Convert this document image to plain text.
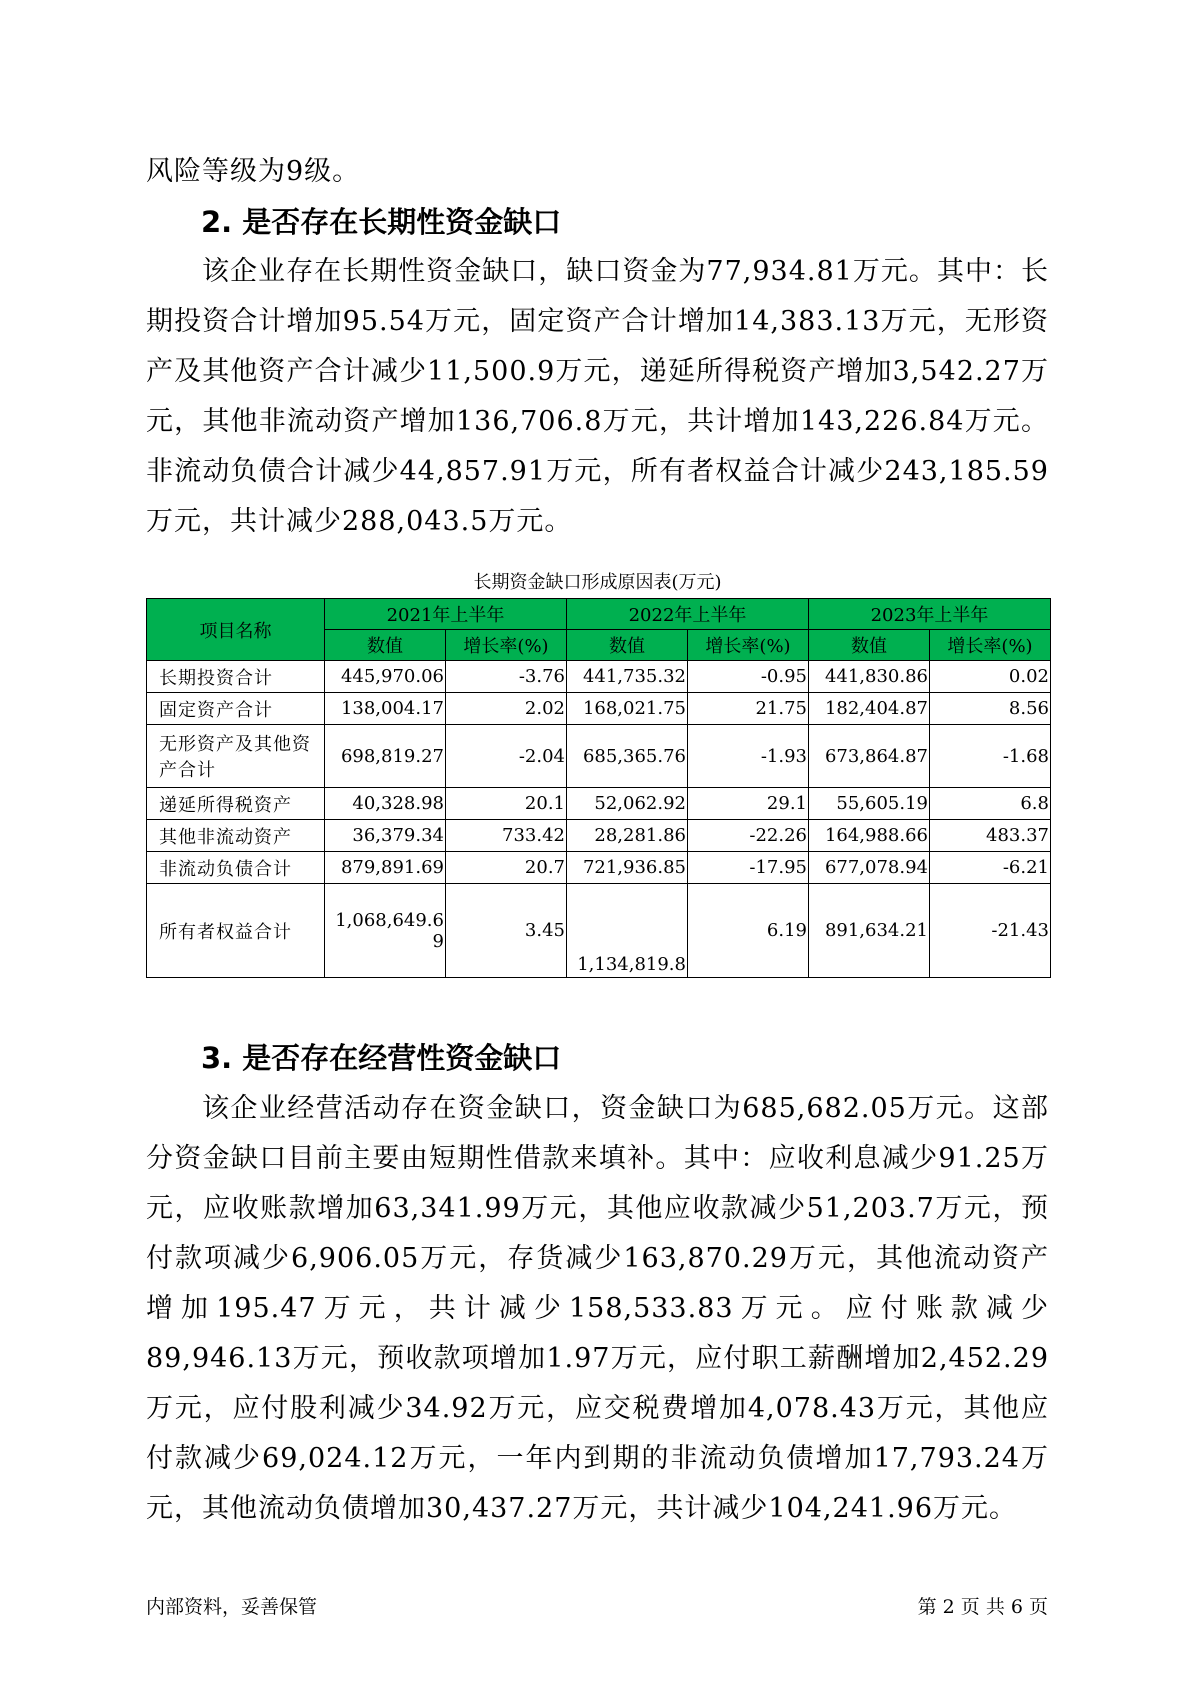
风险等级为9级。

2. 是否存在长期性资金缺口

该企业存在长期性资金缺口，缺口资金为77,934.81万元。其中：长期投资合计增加95.54万元，固定资产合计增加14,383.13万元，无形资产及其他资产合计减少11,500.9万元，递延所得税资产增加3,542.27万元，其他非流动资产增加136,706.8万元，共计增加143,226.84万元。非流动负债合计减少44,857.91万元，所有者权益合计减少243,185.59万元，共计减少288,043.5万元。

长期资金缺口形成原因表(万元)
项目名称	2021年上半年		2022年上半年		2023年上半年	
	数值	增长率(%)	数值	增长率(%)	数值	增长率(%)
长期投资合计	445,970.06	-3.76	441,735.32	-0.95	441,830.86	0.02
固定资产合计	138,004.17	2.02	168,021.75	21.75	182,404.87	8.56
无形资产及其他资产合计	698,819.27	-2.04	685,365.76	-1.93	673,864.87	-1.68
递延所得税资产	40,328.98	20.1	52,062.92	29.1	55,605.19	6.8
其他非流动资产	36,379.34	733.42	28,281.86	-22.26	164,988.66	483.37
非流动负债合计	879,891.69	20.7	721,936.85	-17.95	677,078.94	-6.21
所有者权益合计	1,068,649.69	3.45	1,134,819.8	6.19	891,634.21	-21.43
3. 是否存在经营性资金缺口

该企业经营活动存在资金缺口，资金缺口为685,682.05万元。这部分资金缺口目前主要由短期性借款来填补。其中：应收利息减少91.25万元，应收账款增加63,341.99万元，其他应收款减少51,203.7万元，预付款项减少6,906.05万元，存货减少163,870.29万元，其他流动资产增加195.47万元，共计减少158,533.83万元。应付账款减少89,946.13万元，预收款项增加1.97万元，应付职工薪酬增加2,452.29万元，应付股利减少34.92万元，应交税费增加4,078.43万元，其他应付款减少69,024.12万元，一年内到期的非流动负债增加17,793.24万元，其他流动负债增加30,437.27万元，共计减少104,241.96万元。

内部资料，妥善保管	第 2 页 共 6 页
